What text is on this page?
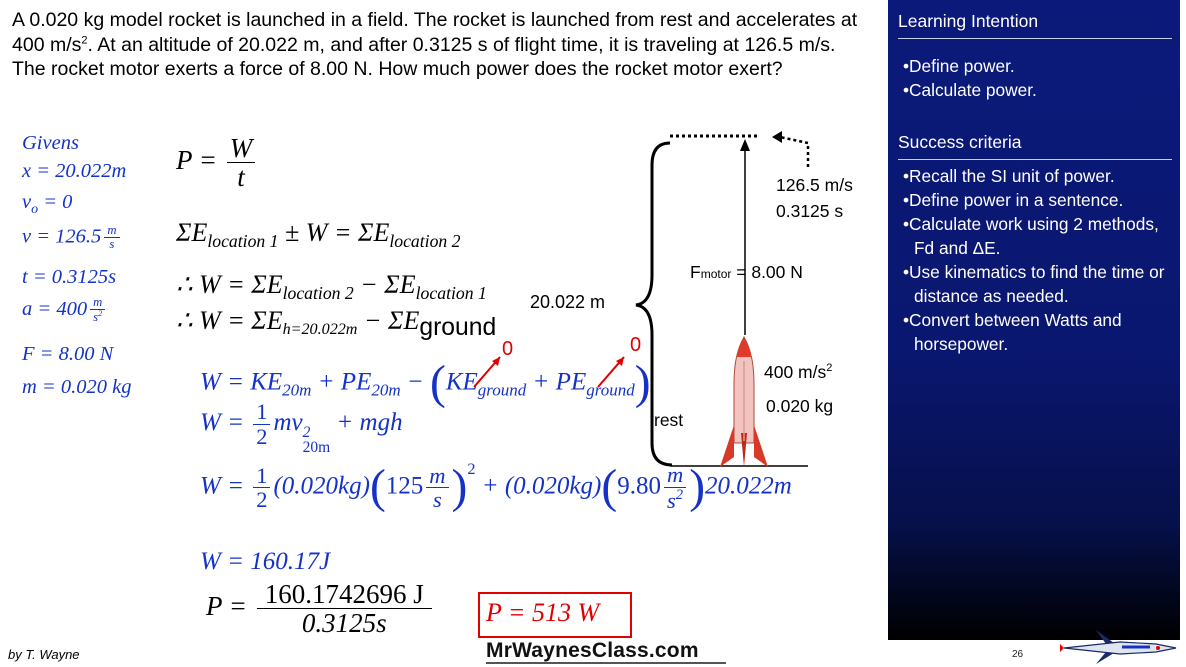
A 0.020 kg model rocket is launched in a field. The rocket is launched from rest and accelerates at 400 $m/s^2$. At an altitude of 20.022 m, and after 0.3125 s of flight time, it is traveling at 126.5 m/s. The rocket motor exerts a force of 8.00 N. How much power does the rocket motor exert?
Givens
x = 20.022m
$v_o = 0$
$v = 126.5 \frac{m}{s}$
t = 0.3125s
$a = 400 \frac{m}{s^2}$
F = 8.00 N
m = 0.020 kg
$P = \frac{W}{t}$
$\Sigma E_{location 1} \pm W = \Sigma E_{location 2}$
∴ $W = \Sigma E_{location 2} - \Sigma E_{location 1}$
∴ W = ΣEh=20.022m − ΣEground
$W = KE_{20m} + PE_{20m} - (KE_{ground} + PE_{ground})$
0	0
$W = \frac{1}{2}$ mv 2
20m
+ mgh
$W = \frac{1}{2} (0.020kg)(125 \frac{m}{s} )^2 + (0.020kg)(9.80 \frac{m}{s^2} )20.022m$
W = 160.17J
$P = \frac{160.1742696 J}{0.3125s}$ P = 513 W
126.5 m/s
0.3125 s
Fmotor = 8.00 N
20.022 m
400 $m/s^2$
0.020 kg
rest
Learning Intention
•Define power.
•Calculate power.
Success criteria
•Recall the SI unit of power.
•Define power in a sentence.
•Calculate work using 2 methods, Fd and ΔE.
•Use kinematics to find the time or distance as needed.
•Convert between Watts and horsepower.
by T. Wayne	MrWaynesClass.com	26
